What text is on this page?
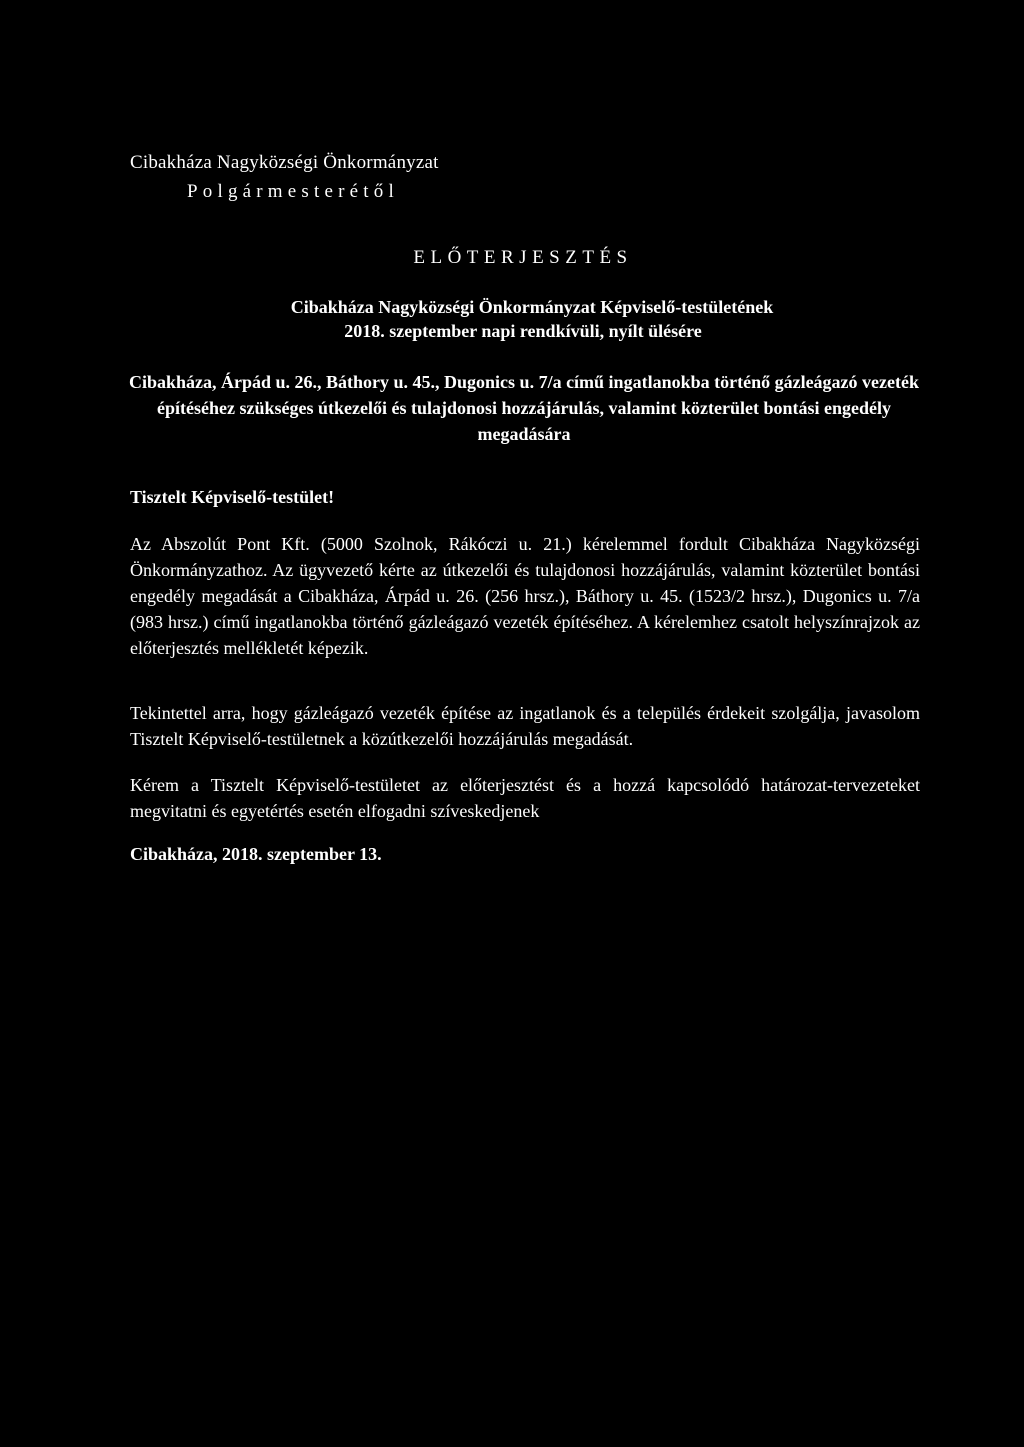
Cibakháza Nagyközségi Önkormányzat
Polgármesterétől
ELŐTERJESZTÉS
Cibakháza Nagyközségi Önkormányzat Képviselő-testületének
2018. szeptember napi rendkívüli, nyílt ülésére
Cibakháza, Árpád u. 26., Báthory u. 45., Dugonics u. 7/a című ingatlanokba történő gázleágazó vezeték építéséhez szükséges útkezelői és tulajdonosi hozzájárulás, valamint közterület bontási engedély megadására
Tisztelt Képviselő-testület!
Az Abszolút Pont Kft. (5000 Szolnok, Rákóczi u. 21.) kérelemmel fordult Cibakháza Nagyközségi Önkormányzathoz. Az ügyvezető kérte az útkezelői és tulajdonosi hozzájárulás, valamint közterület bontási engedély megadását a Cibakháza, Árpád u. 26. (256 hrsz.), Báthory u. 45. (1523/2 hrsz.), Dugonics u. 7/a (983 hrsz.) című ingatlanokba történő gázleágazó vezeték építéséhez. A kérelemhez csatolt helyszínrajzok az előterjesztés mellékletét képezik.
Tekintettel arra, hogy gázleágazó vezeték építése az ingatlanok és a település érdekeit szolgálja, javasolom Tisztelt Képviselő-testületnek a közútkezelői hozzájárulás megadását.
Kérem a Tisztelt Képviselő-testületet az előterjesztést és a hozzá kapcsolódó határozat-tervezeteket megvitatni és egyetértés esetén elfogadni szíveskedjenek
Cibakháza, 2018. szeptember 13.
